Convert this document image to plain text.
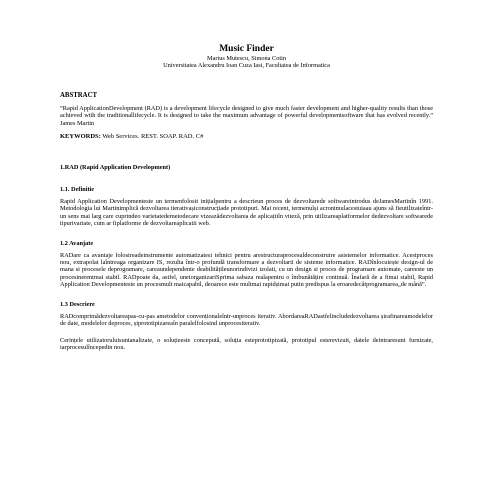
Music Finder
Marius Mutescu, Simona Cotin
Universitatea Alexandru Ioan Cuza Iasi, Facultatea de Informatica
ABSTRACT

“Rapid ApplicationDevelopment (RAD) is a development lifecycle designed to give much faster development and higher-quality results than those achieved with the traditionallifecycle. It is designed to take the maximum advantage of powerful developmentsoftware that has evolved recently.” James Martin

KEYWORDS: Web Services. REST. SOAP. RAD. C#
1.RAD (Rapid Application Development)
1.1. Definitie

Rapid Application Developmenteste un termenfolosit inițialpentru a descrieun proces de dezvoltarede softwareintrodus deJamesMartinîn 1991. Metodologia lui Martinimplică dezvoltarea iterativașiconstrucțiade prototipuri. Mai recent, termenulși acronimulacestuiaau ajuns să fieutilizateîntr-un sens mai larg care cuprindeo varietatedemetodecare vizeazădezvoltarea de aplicațiiîn viteză, prin utilizareaplatformelor dedezvoltare softwarede tipurivariate, cum ar fiplatforme de dezvoltareaplicatii web.

1.2 Avanjate

RADare ca avantaje folosireadeinstrumente automatizatesi tehnici pentru arestructuraprocesuldeconstruire asistemelor informatice. Acestproces nou, extrapolat laîntreaga organizare IS, rezulta într-o profundă transformare a dezvoltarii de sisteme informatice. RADînlocuiește design-ul de mana si procesele deprogramare, careaundependente deabilitățileunorindivizi izolati, cu un design si proces de programare automate, careeste un procesinerentmai stabil. RADpoate da, astfel, uneiorganizariSprima sabaza realapentru o îmbunătățire continuă. Înafară de a fimai stabil, Rapid Application Developmenteste un procesmult maicapabil, deoarece este multmai rapidșimai putin predispus la eroaredecâtprogramarea„de mână”.

1.3 Descriere

RADcomprimădezvoltareapas-cu-pas ametodelor convenționaleîntr-unproces iterativ. AbordareaRADastfelincludedezvoltarea șirafinareamodelelor de date, modelelor deproces, șiprototipizareaîn paralelfolosind unprocesiterativ.

Cerințele utilizatoruluisuntanalizate, o soluțieeste concepută, soluția esteprototipizată, prototipul esterevizuit, datele deintraresunt furnizate, iarprocesulîncepedin nou.
